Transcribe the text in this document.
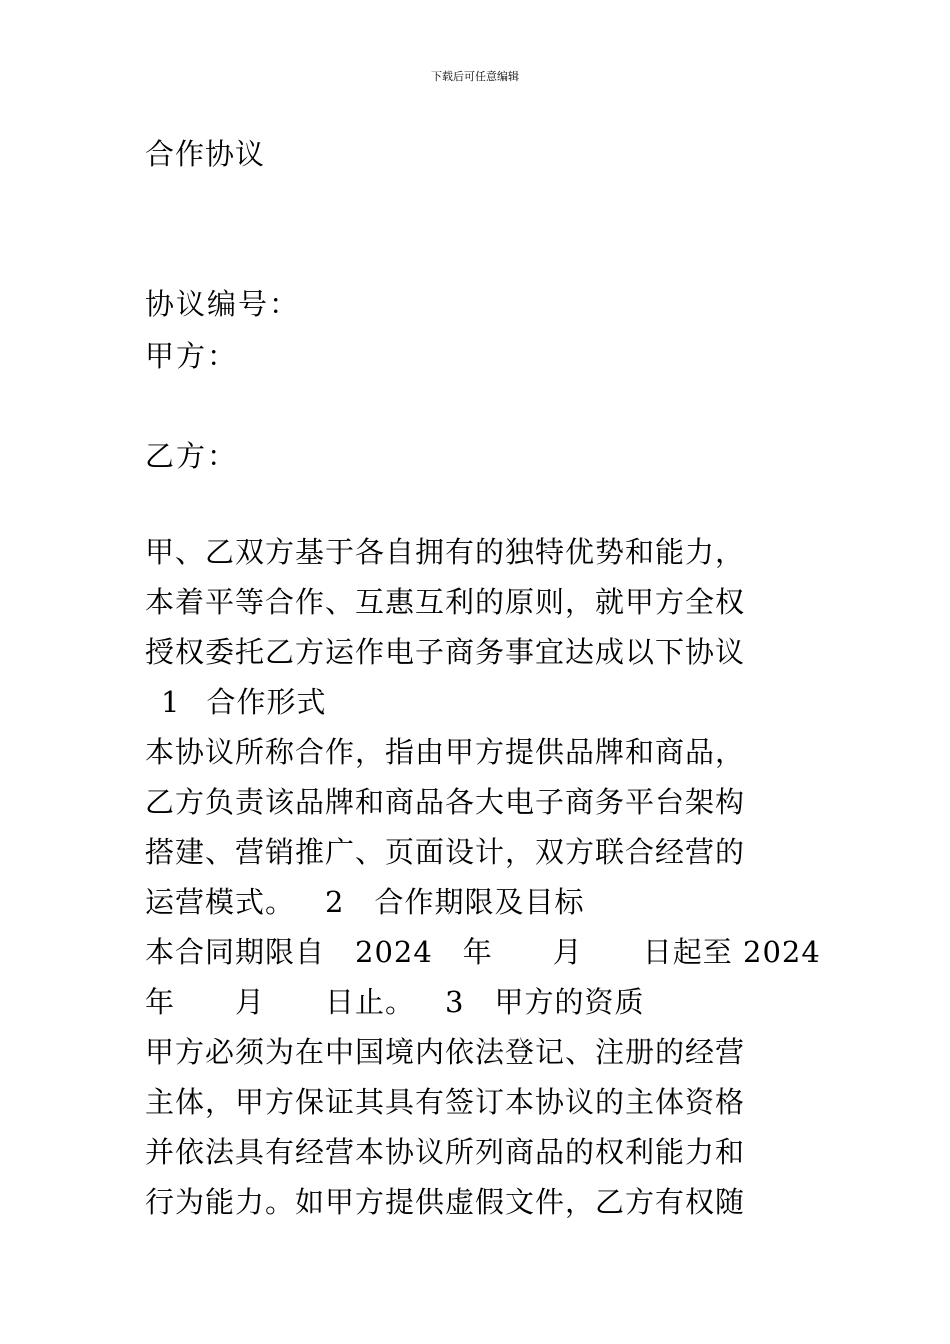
下载后可任意编辑
合作协议
协议编号：
甲方：
乙方：
甲、乙双方基于各自拥有的独特优势和能力，
本着平等合作、互惠互利的原则，就甲方全权
授权委托乙方运作电子商务事宜达成以下协议
1 合作形式
本协议所称合作，指由甲方提供品牌和商品，
乙方负责该品牌和商品各大电子商务平台架构
搭建、营销推广、页面设计，双方联合经营的
运营模式。 2 合作期限及目标
本合同期限自　2024　年　　月　　日起至 2024
年　　月　　日止。 3 甲方的资质
甲方必须为在中国境内依法登记、注册的经营
主体，甲方保证其具有签订本协议的主体资格
并依法具有经营本协议所列商品的权利能力和
行为能力。如甲方提供虚假文件，乙方有权随
